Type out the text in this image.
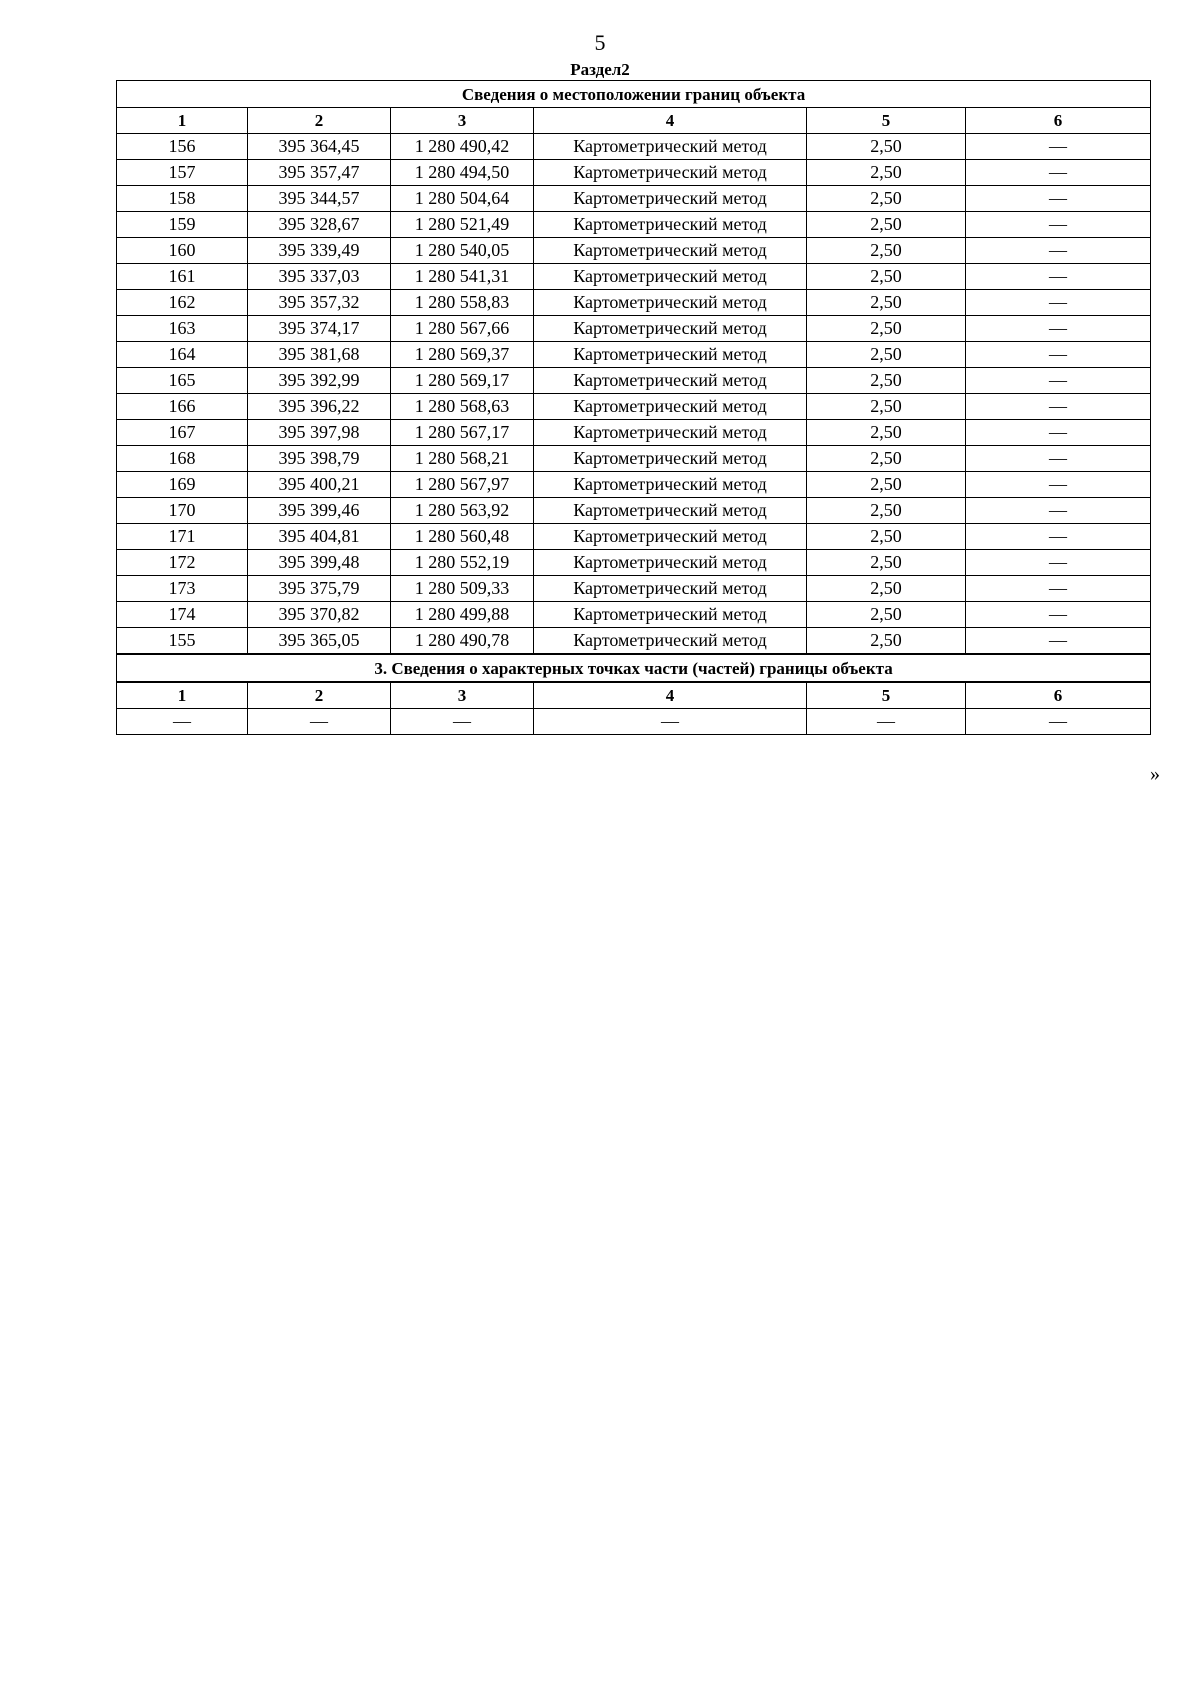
5
Раздел2
Сведения о местоположении границ объекта					
1	2	3	4	5	6
156	395 364,45	1 280 490,42	Картометрический метод	2,50	—
157	395 357,47	1 280 494,50	Картометрический метод	2,50	—
158	395 344,57	1 280 504,64	Картометрический метод	2,50	—
159	395 328,67	1 280 521,49	Картометрический метод	2,50	—
160	395 339,49	1 280 540,05	Картометрический метод	2,50	—
161	395 337,03	1 280 541,31	Картометрический метод	2,50	—
162	395 357,32	1 280 558,83	Картометрический метод	2,50	—
163	395 374,17	1 280 567,66	Картометрический метод	2,50	—
164	395 381,68	1 280 569,37	Картометрический метод	2,50	—
165	395 392,99	1 280 569,17	Картометрический метод	2,50	—
166	395 396,22	1 280 568,63	Картометрический метод	2,50	—
167	395 397,98	1 280 567,17	Картометрический метод	2,50	—
168	395 398,79	1 280 568,21	Картометрический метод	2,50	—
169	395 400,21	1 280 567,97	Картометрический метод	2,50	—
170	395 399,46	1 280 563,92	Картометрический метод	2,50	—
171	395 404,81	1 280 560,48	Картометрический метод	2,50	—
172	395 399,48	1 280 552,19	Картометрический метод	2,50	—
173	395 375,79	1 280 509,33	Картометрический метод	2,50	—
174	395 370,82	1 280 499,88	Картометрический метод	2,50	—
155	395 365,05	1 280 490,78	Картометрический метод	2,50	—
3. Сведения о характерных точках части (частей) границы объекта					
1	2	3	4	5	6
—	—	—	—	—	—
»
